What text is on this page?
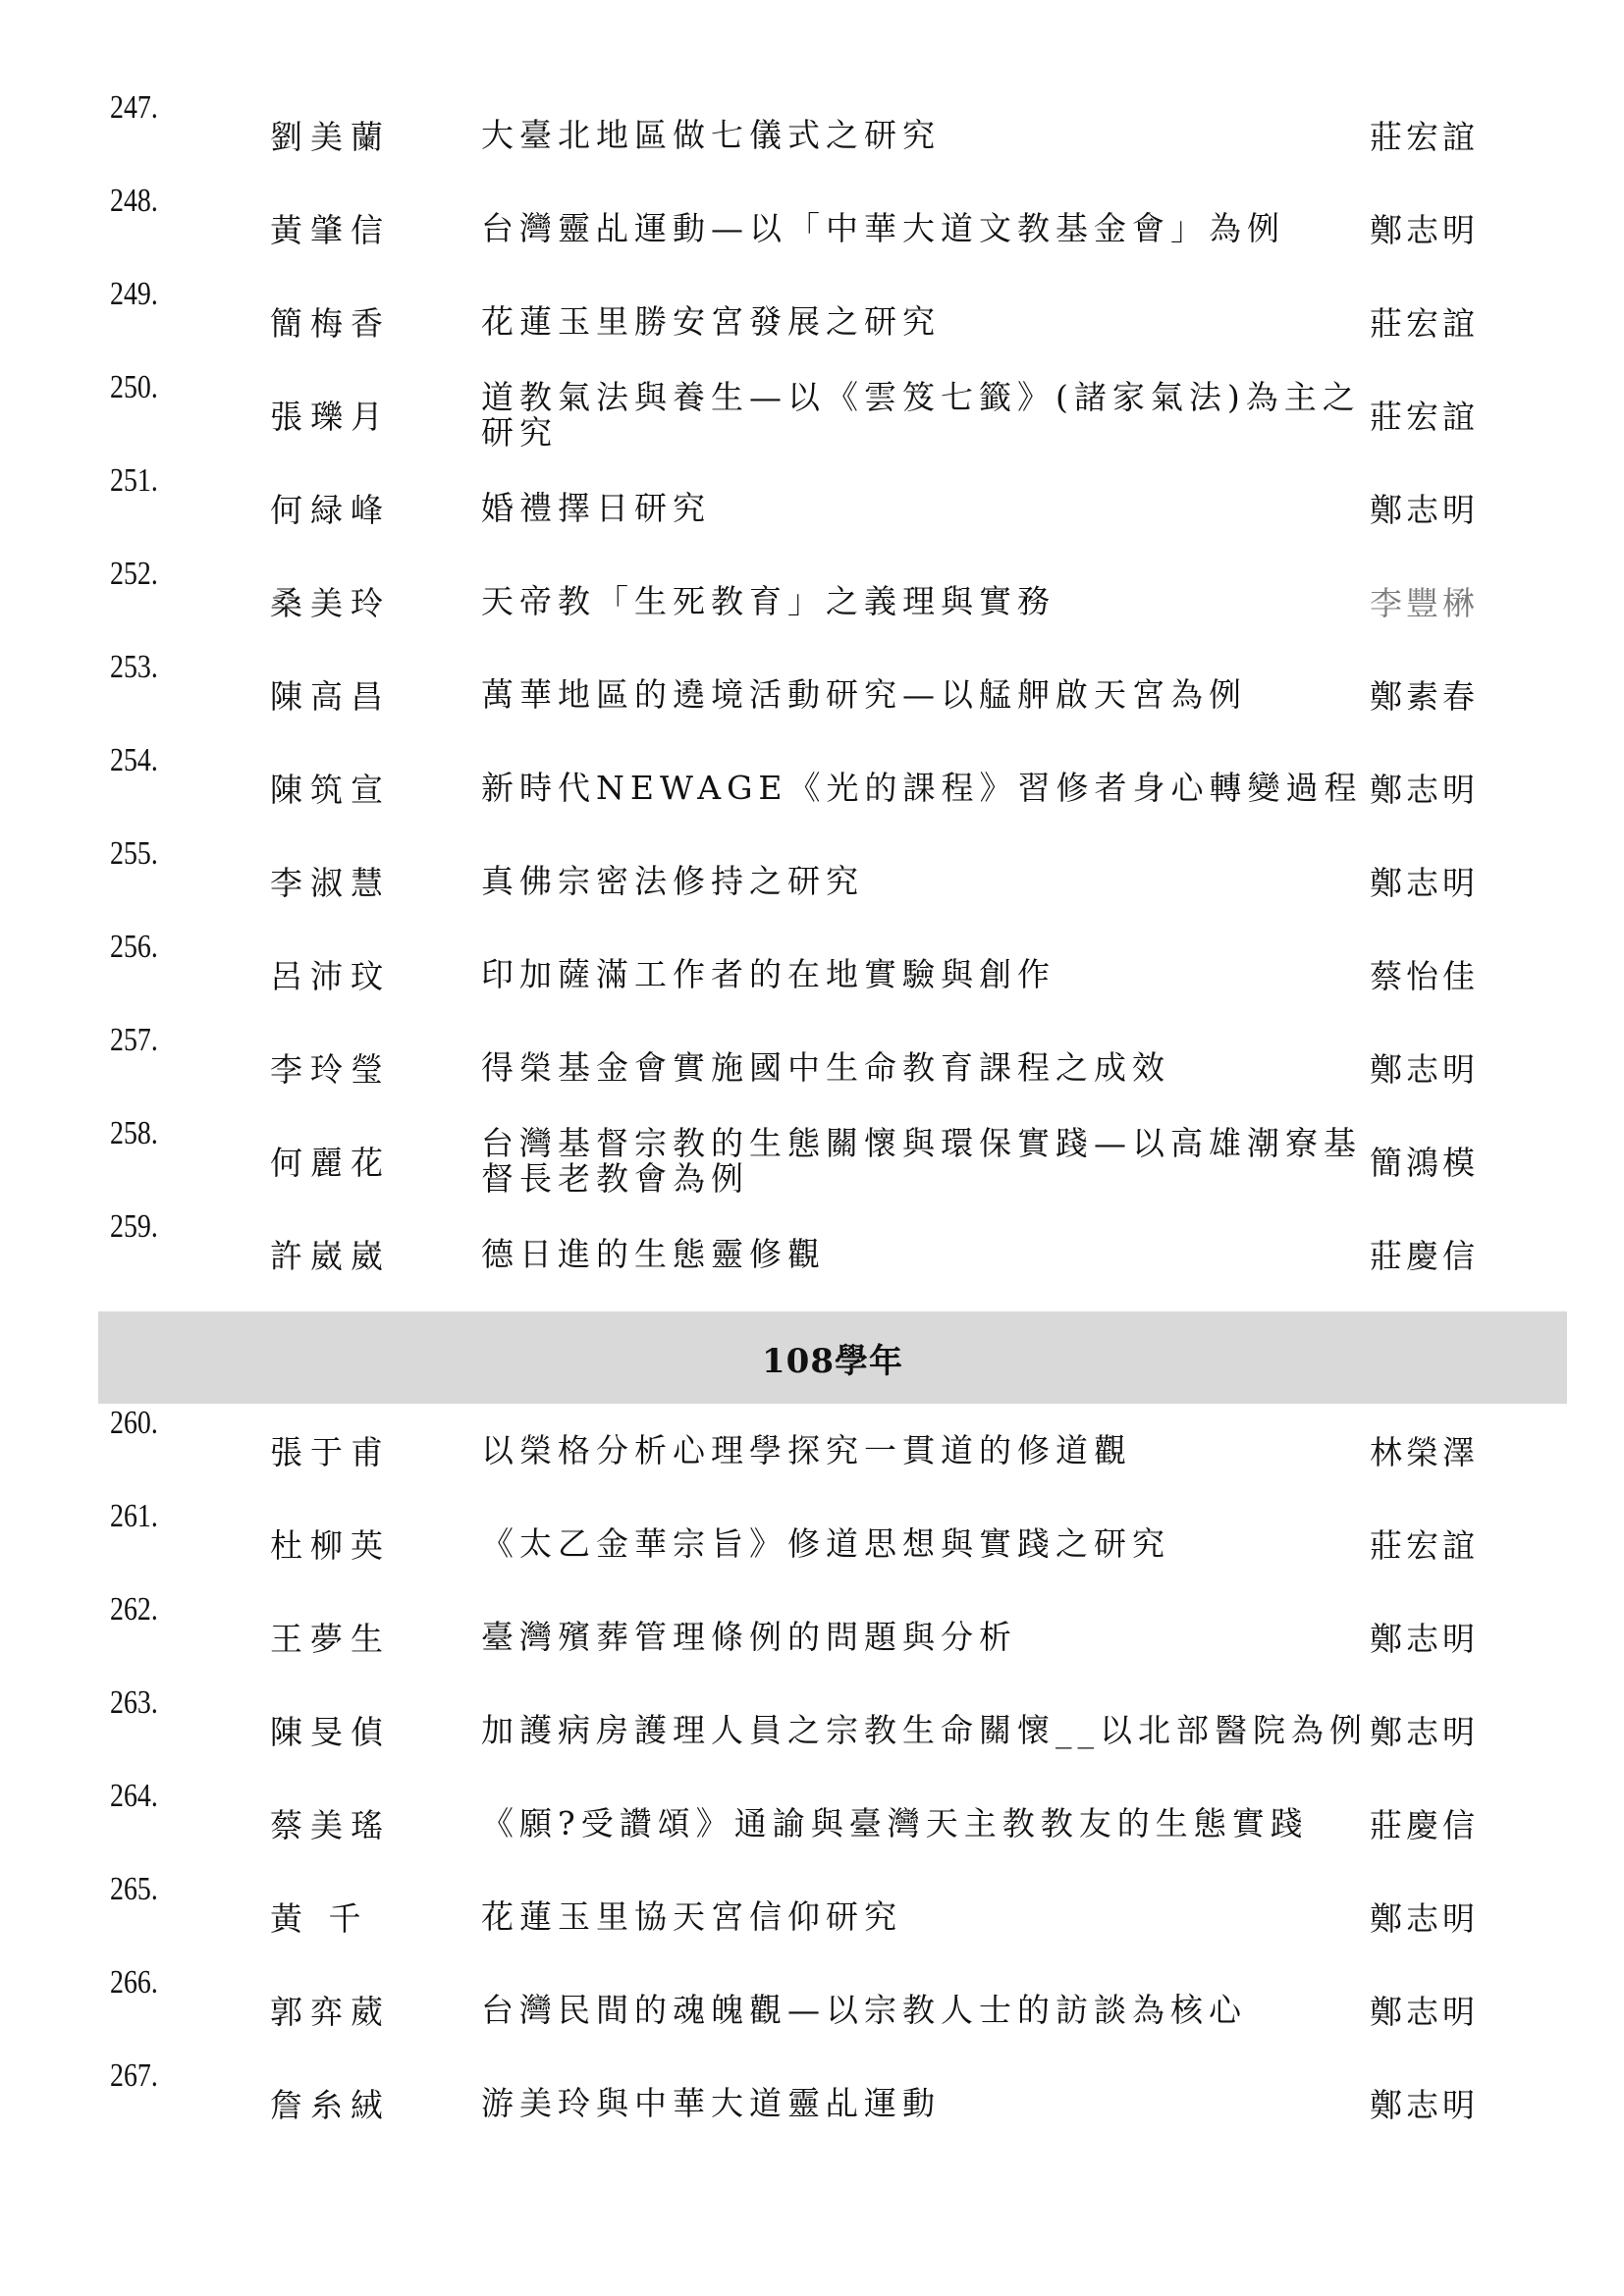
108學年
247.
劉美蘭	大臺北地區做七儀式之研究	莊宏誼
248.
黃肇信	台灣靈乩運動—以「中華大道文教基金會」為例	鄭志明
249.
簡梅香	花蓮玉里勝安宮發展之研究	莊宏誼
250.
張瓅月
道教氣法與養生—以《雲笈七籤》(諸家氣法)為主之研究	莊宏誼
251.
何緑峰	婚禮擇日研究	鄭志明
252.
桑美玲	天帝教「生死教育」之義理與實務	李豐楙
253.
陳高昌	萬華地區的遶境活動研究—以艋舺啟天宮為例	鄭素春
254.
陳筑宣	新時代NEWAGE《光的課程》習修者身心轉變過程 鄭志明
255.
李淑慧	真佛宗密法修持之研究	鄭志明
256.
呂沛玟	印加薩滿工作者的在地實驗與創作	蔡怡佳
257.
李玲瑩	得榮基金會實施國中生命教育課程之成效	鄭志明
258.
何麗花
台灣基督宗教的生態關懷與環保實踐—以高雄潮寮基督長老教會為例	簡鴻模
259.
許崴崴	德日進的生態靈修觀	莊慶信
260.
張于甫	以榮格分析心理學探究一貫道的修道觀	林榮澤
261.
杜柳英	《太乙金華宗旨》修道思想與實踐之研究	莊宏誼
262.
王夢生	臺灣殯葬管理條例的問題與分析	鄭志明
263.
陳旻偵	加護病房護理人員之宗教生命關懷__以北部醫院為例 鄭志明
264.
蔡美瑤	《願?受讚頌》通諭與臺灣天主教教友的生態實踐 莊慶信
265.
黃 千	花蓮玉里協天宮信仰研究	鄭志明
266.
郭弈葳	台灣民間的魂魄觀—以宗教人士的訪談為核心	鄭志明
267.
詹糸絨	游美玲與中華大道靈乩運動	鄭志明
